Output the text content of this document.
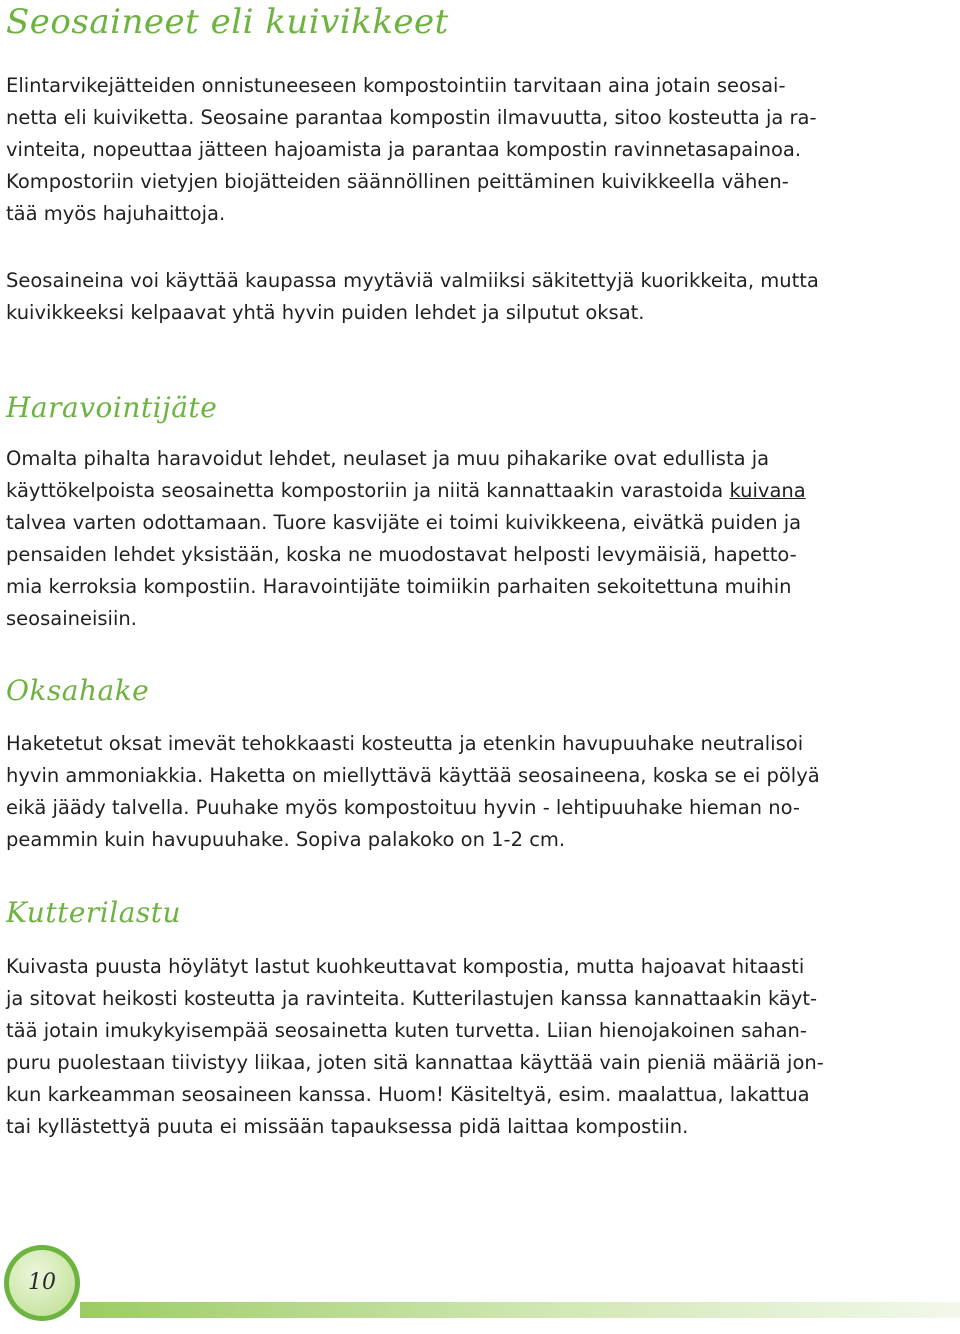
Seosaineet eli kuivikkeet
Elintarvikejätteiden onnistuneeseen kompostointiin tarvitaan aina jotain seosai-
netta eli kuiviketta. Seosaine parantaa kompostin ilmavuutta, sitoo kosteutta ja ra-
vinteita, nopeuttaa jätteen hajoamista ja parantaa kompostin ravinnetasapainoa.
Kompostoriin vietyjen biojätteiden säännöllinen peittäminen kuivikkeella vähen-
tää myös hajuhaittoja.
Seosaineina voi käyttää kaupassa myytäviä valmiiksi säkitettyjä kuorikkeita, mutta
kuivikkeeksi kelpaavat yhtä hyvin puiden lehdet ja silputut oksat.
Haravointijäte
Omalta pihalta haravoidut lehdet, neulaset ja muu pihakarike ovat edullista ja
käyttökelpoista seosainetta kompostoriin ja niitä kannattaakin varastoida kuivana
talvea varten odottamaan. Tuore kasvijäte ei toimi kuivikkeena, eivätkä puiden ja
pensaiden lehdet yksistään, koska ne muodostavat helposti levymäisiä, hapetto-
mia kerroksia kompostiin. Haravointijäte toimiikin parhaiten sekoitettuna muihin
seosaineisiin.
Oksahake
Haketetut oksat imevät tehokkaasti kosteutta ja etenkin havupuuhake neutralisoi
hyvin ammoniakkia. Haketta on miellyttävä käyttää seosaineena, koska se ei pölyä
eikä jäädy talvella. Puuhake myös kompostoituu hyvin - lehtipuuhake hieman no-
peammin kuin havupuuhake. Sopiva palakoko on 1-2 cm.
Kutterilastu
Kuivasta puusta höylätyt lastut kuohkeuttavat kompostia, mutta hajoavat hitaasti
ja sitovat heikosti kosteutta ja ravinteita. Kutterilastujen kanssa kannattaakin käyt-
tää jotain imukykyisempää seosainetta kuten turvetta. Liian hienojakoinen sahan-
puru puolestaan tiivistyy liikaa, joten sitä kannattaa käyttää vain pieniä määriä jon-
kun karkeamman seosaineen kanssa. Huom! Käsiteltyä, esim. maalattua, lakattua
tai kyllästettyä puuta ei missään tapauksessa pidä laittaa kompostiin.
10
